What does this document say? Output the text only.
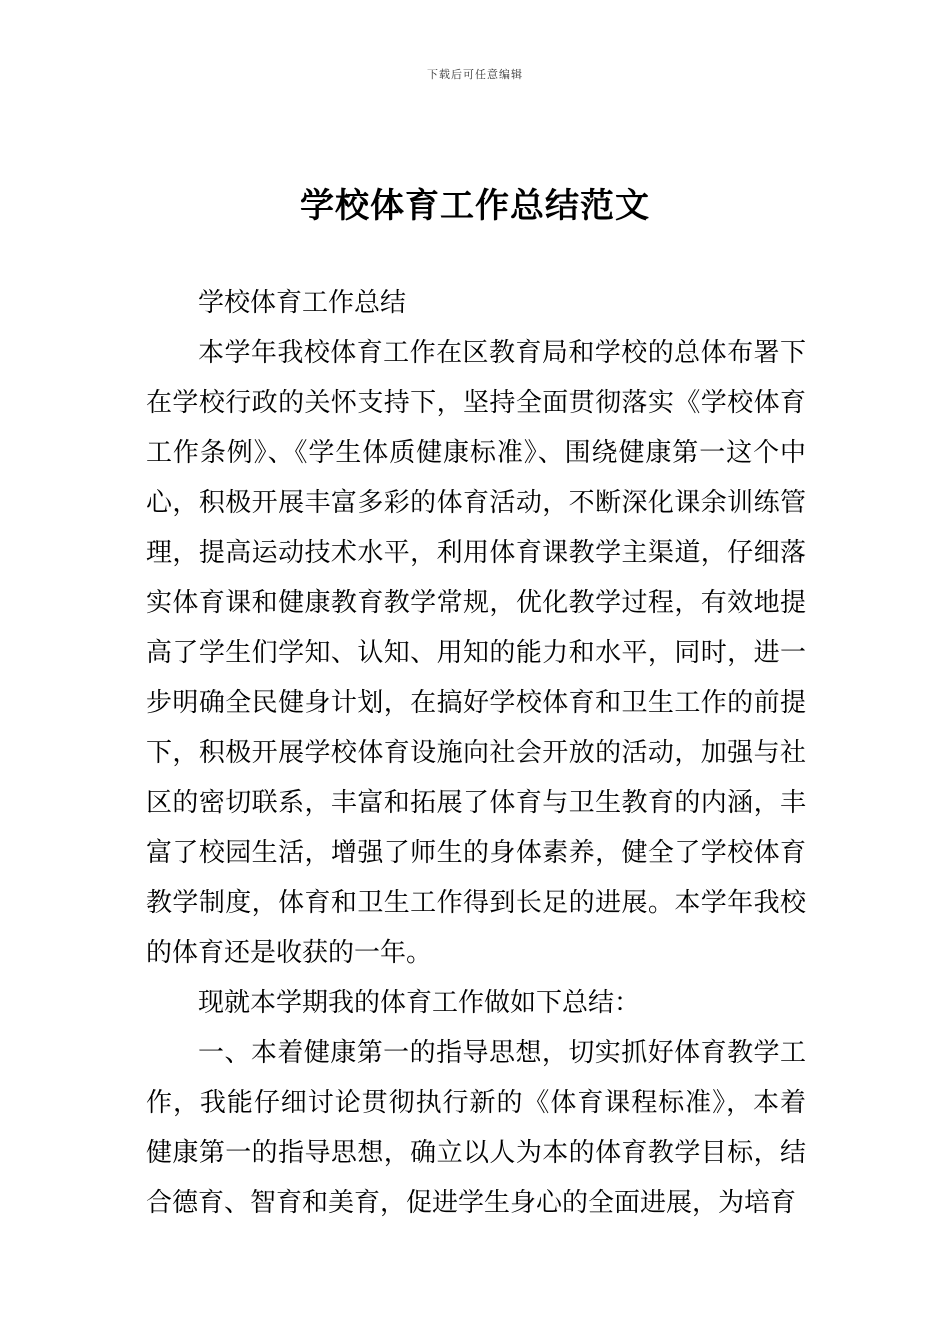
下载后可任意编辑
学校体育工作总结范文

学校体育工作总结

本学年我校体育工作在区教育局和学校的总体布署下在学校行政的关怀支持下，坚持全面贯彻落实《学校体育工作条例》、《学生体质健康标准》、围绕健康第一这个中心，积极开展丰富多彩的体育活动，不断深化课余训练管理，提高运动技术水平，利用体育课教学主渠道，仔细落实体育课和健康教育教学常规，优化教学过程，有效地提高了学生们学知、认知、用知的能力和水平，同时，进一步明确全民健身计划，在搞好学校体育和卫生工作的前提下，积极开展学校体育设施向社会开放的活动，加强与社区的密切联系，丰富和拓展了体育与卫生教育的内涵，丰富了校园生活，增强了师生的身体素养，健全了学校体育教学制度，体育和卫生工作得到长足的进展。本学年我校的体育还是收获的一年。

现就本学期我的体育工作做如下总结：

一、本着健康第一的指导思想，切实抓好体育教学工作，我能仔细讨论贯彻执行新的《体育课程标准》，本着健康第一的指导思想，确立以人为本的体育教学目标，结合德育、智育和美育，促进学生身心的全面进展，为培育
